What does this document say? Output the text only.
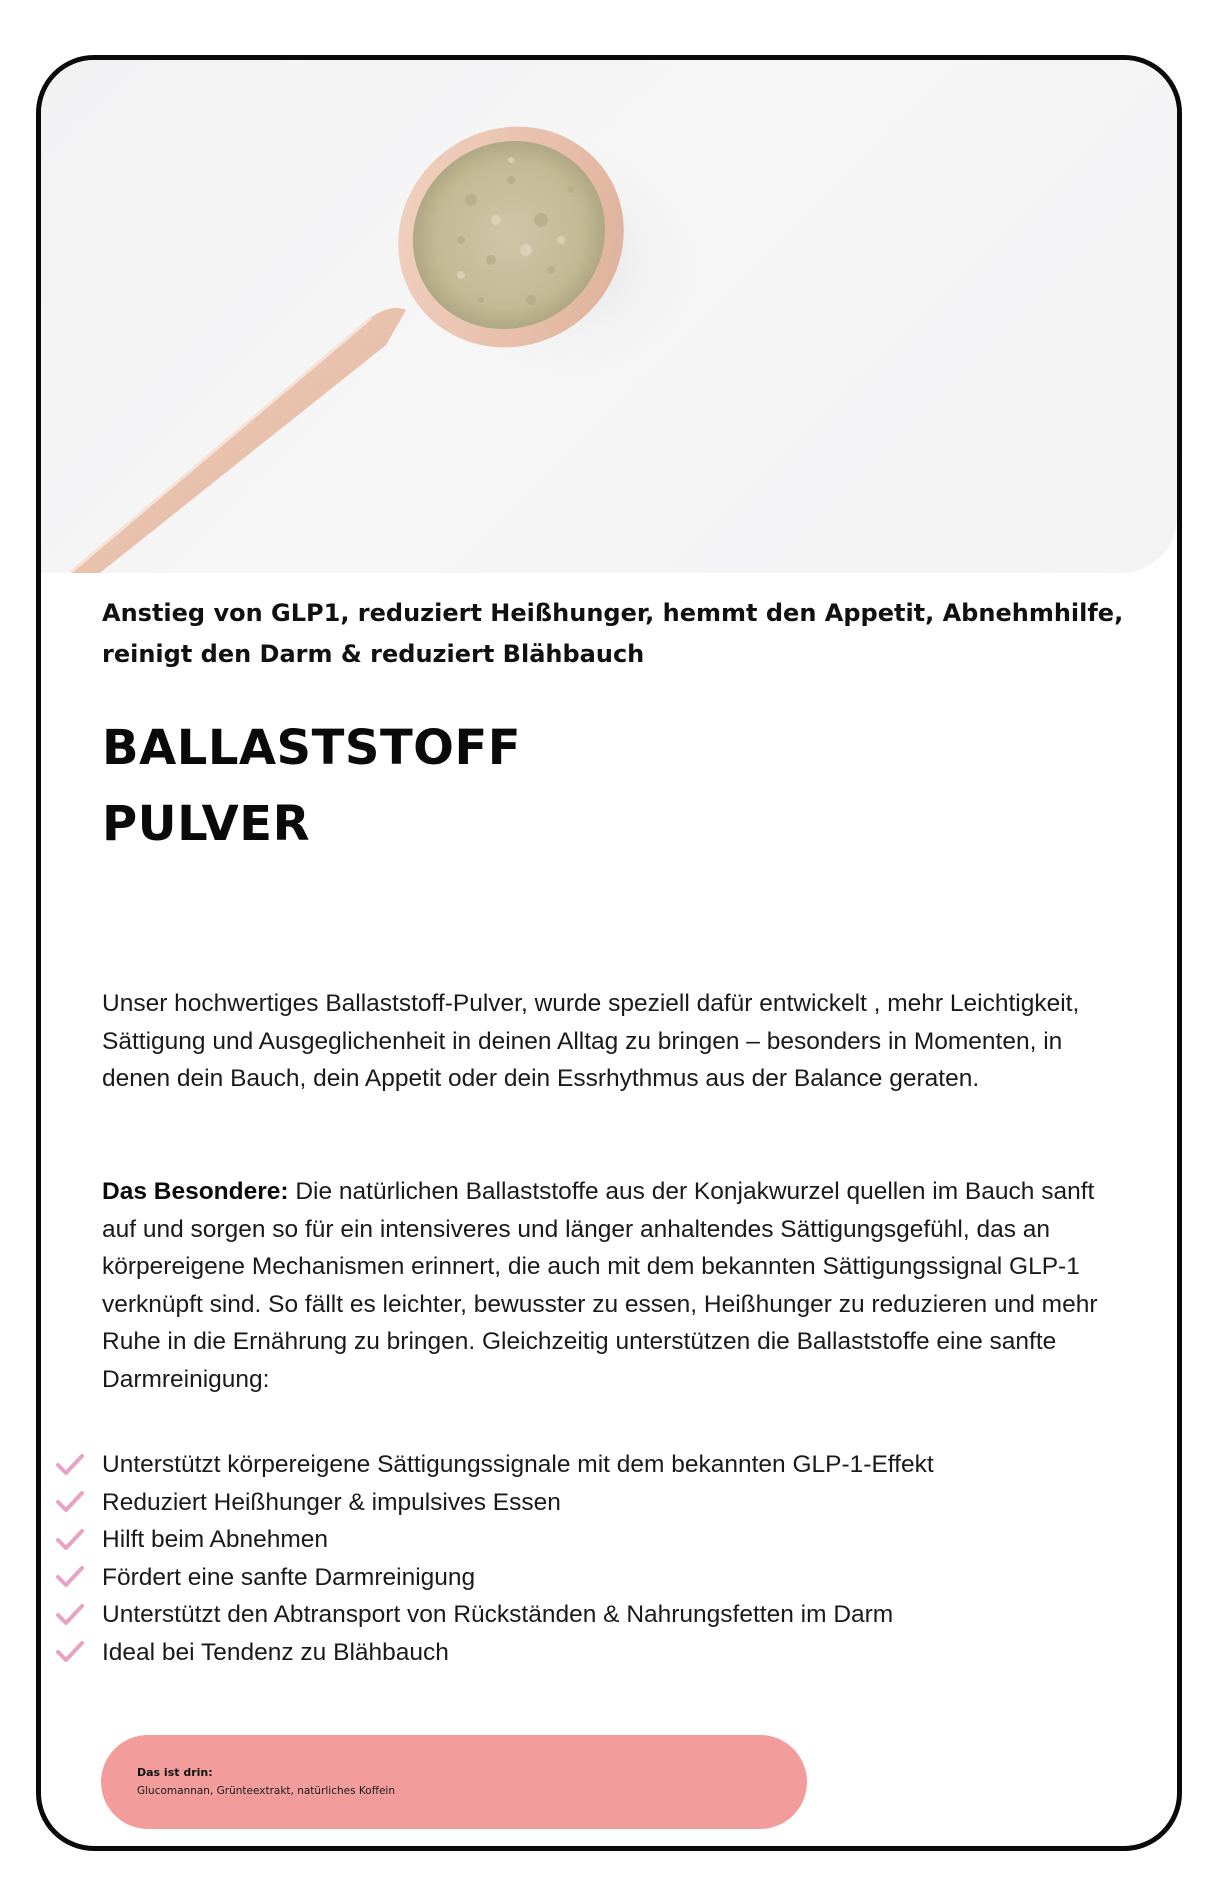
Anstieg von GLP1, reduziert Heißhunger, hemmt den Appetit, Abnehmhilfe, reinigt den Darm & reduziert Blähbauch
BALLASTSTOFF
PULVER

Unser hochwertiges Ballaststoff-Pulver, wurde speziell dafür entwickelt , mehr Leichtigkeit, Sättigung und Ausgeglichenheit in deinen Alltag zu bringen – besonders in Momenten, in denen dein Bauch, dein Appetit oder dein Essrhythmus aus der Balance geraten.

Das Besondere: Die natürlichen Ballaststoffe aus der Konjakwurzel quellen im Bauch sanft auf und sorgen so für ein intensiveres und länger anhaltendes Sättigungsgefühl, das an körpereigene Mechanismen erinnert, die auch mit dem bekannten Sättigungssignal GLP-1 verknüpft sind. So fällt es leichter, bewusster zu essen, Heißhunger zu reduzieren und mehr Ruhe in die Ernährung zu bringen. Gleichzeitig unterstützen die Ballaststoffe eine sanfte Darmreinigung:

Unterstützt körpereigene Sättigungssignale mit dem bekannten GLP-1-Effekt
Reduziert Heißhunger & impulsives Essen
Hilft beim Abnehmen
Fördert eine sanfte Darmreinigung
Unterstützt den Abtransport von Rückständen & Nahrungsfetten im Darm
Ideal bei Tendenz zu Blähbauch
Das ist drin:
Glucomannan, Grünteextrakt, natürliches Koffein
